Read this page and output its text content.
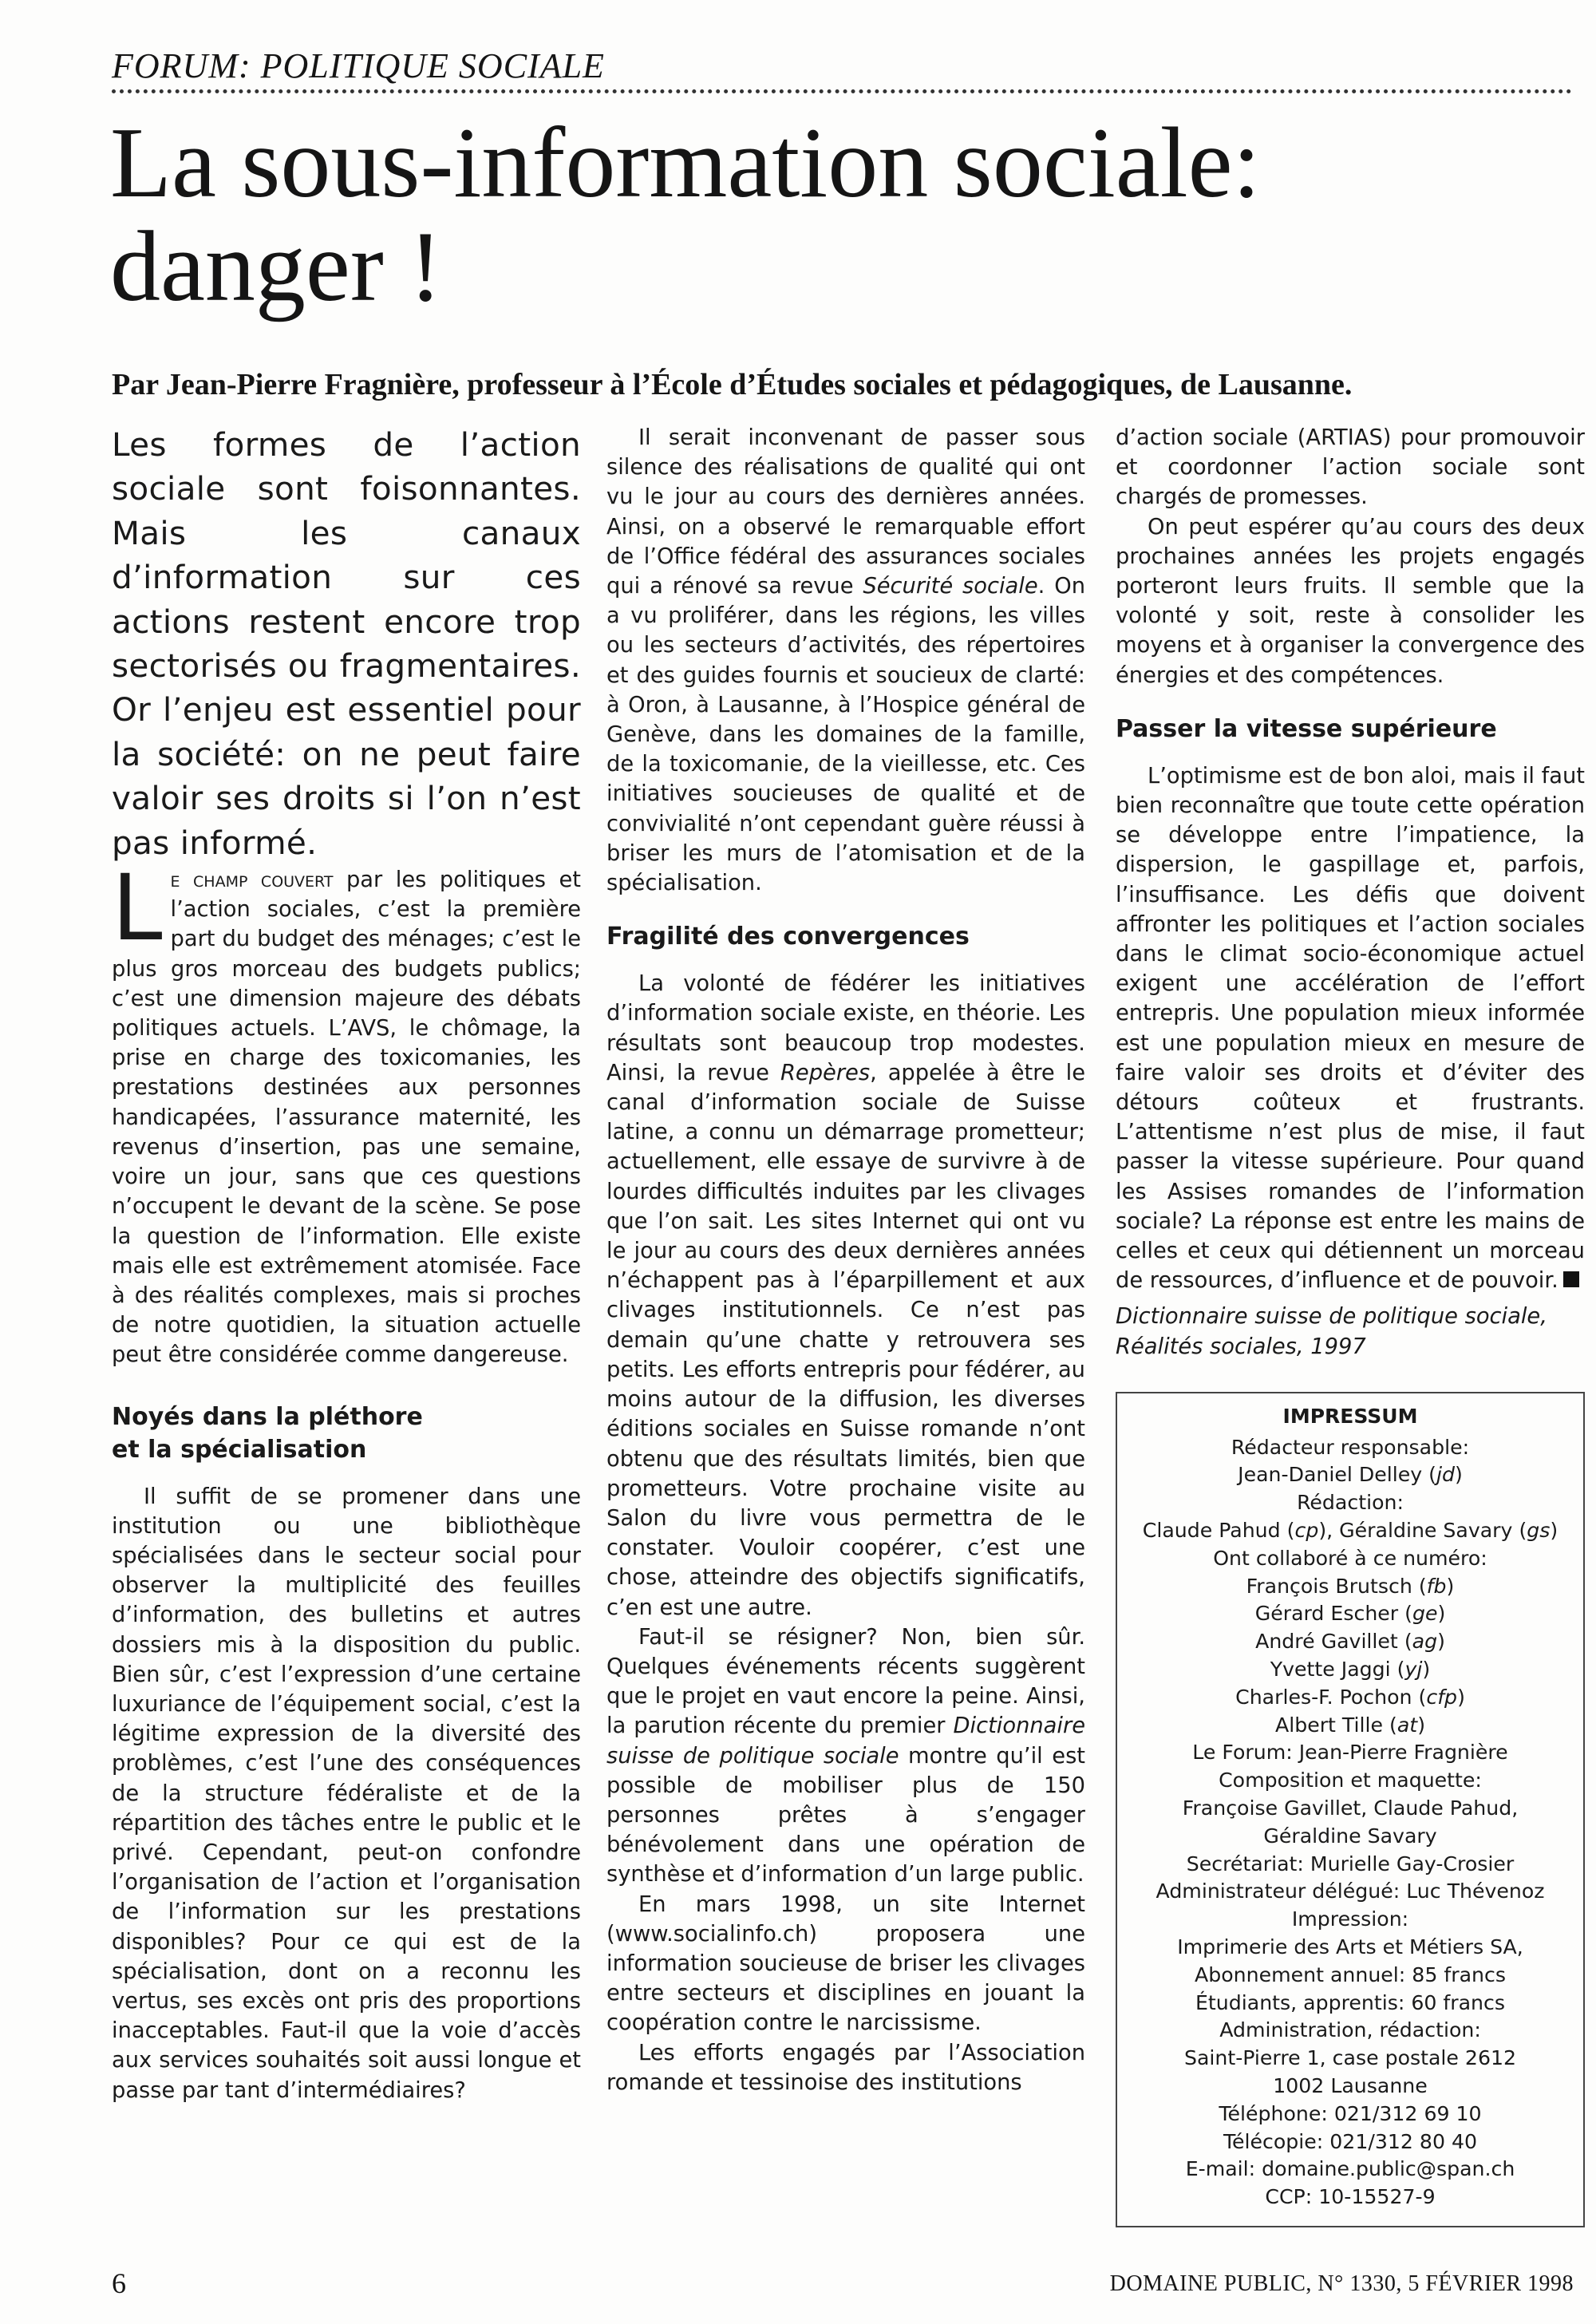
FORUM: POLITIQUE SOCIALE
La sous-information sociale:
danger !
Par Jean-Pierre Fragnière, professeur à l’École d’Études sociales et pédagogiques, de Lausanne.

Les formes de l’action sociale sont foisonnantes. Mais les canaux d’information sur ces actions restent encore trop sectorisés ou fragmentaires. Or l’enjeu est essentiel pour la société: on ne peut faire valoir ses droits si l’on n’est pas informé.

Le champ couvert par les politiques et l’action sociales, c’est la première part du budget des ménages; c’est le plus gros morceau des budgets publics; c’est une dimension majeure des débats politiques actuels. L’AVS, le chômage, la prise en charge des toxicomanies, les prestations destinées aux personnes handicapées, l’assurance maternité, les revenus d’insertion, pas une semaine, voire un jour, sans que ces questions n’occupent le devant de la scène. Se pose la question de l’information. Elle existe mais elle est extrêmement atomisée. Face à des réalités complexes, mais si proches de notre quotidien, la situation actuelle peut être considérée comme dangereuse.

Noyés dans la pléthore
et la spécialisation

Il suffit de se promener dans une institution ou une bibliothèque spécialisées dans le secteur social pour observer la multiplicité des feuilles d’information, des bulletins et autres dossiers mis à la disposition du public. Bien sûr, c’est l’expression d’une certaine luxuriance de l’équipement social, c’est la légitime expression de la diversité des problèmes, c’est l’une des conséquences de la structure fédéraliste et de la répartition des tâches entre le public et le privé. Cependant, peut-on confondre l’organisation de l’action et l’organisation de l’information sur les prestations disponibles? Pour ce qui est de la spécialisation, dont on a reconnu les vertus, ses excès ont pris des proportions inacceptables. Faut-il que la voie d’accès aux services souhaités soit aussi longue et passe par tant d’intermédiaires?

Il serait inconvenant de passer sous silence des réalisations de qualité qui ont vu le jour au cours des dernières années. Ainsi, on a observé le remarquable effort de l’Office fédéral des assurances sociales qui a rénové sa revue Sécurité sociale. On a vu proliférer, dans les régions, les villes ou les secteurs d’activités, des répertoires et des guides fournis et soucieux de clarté: à Oron, à Lausanne, à l’Hospice général de Genève, dans les domaines de la famille, de la toxicomanie, de la vieillesse, etc. Ces initiatives soucieuses de qualité et de convivialité n’ont cependant guère réussi à briser les murs de l’atomisation et de la spécialisation.

Fragilité des convergences

La volonté de fédérer les initiatives d’information sociale existe, en théorie. Les résultats sont beaucoup trop modestes. Ainsi, la revue Repères, appelée à être le canal d’information sociale de Suisse latine, a connu un démarrage prometteur; actuellement, elle essaye de survivre à de lourdes difficultés induites par les clivages que l’on sait. Les sites Internet qui ont vu le jour au cours des deux dernières années n’échappent pas à l’éparpillement et aux clivages institutionnels. Ce n’est pas demain qu’une chatte y retrouvera ses petits. Les efforts entrepris pour fédérer, au moins autour de la diffusion, les diverses éditions sociales en Suisse romande n’ont obtenu que des résultats limités, bien que prometteurs. Votre prochaine visite au Salon du livre vous permettra de le constater. Vouloir coopérer, c’est une chose, atteindre des objectifs significatifs, c’en est une autre.

Faut-il se résigner? Non, bien sûr. Quelques événements récents suggèrent que le projet en vaut encore la peine. Ainsi, la parution récente du premier Dictionnaire suisse de politique sociale montre qu’il est possible de mobiliser plus de 150 personnes prêtes à s’engager bénévolement dans une opération de synthèse et d’information d’un large public.

En mars 1998, un site Internet (www.socialinfo.ch) proposera une information soucieuse de briser les clivages entre secteurs et disciplines en jouant la coopération contre le narcissisme.

Les efforts engagés par l’Association romande et tessinoise des institutions

d’action sociale (ARTIAS) pour promouvoir et coordonner l’action sociale sont chargés de promesses.

On peut espérer qu’au cours des deux prochaines années les projets engagés porteront leurs fruits. Il semble que la volonté y soit, reste à consolider les moyens et à organiser la convergence des énergies et des compétences.

Passer la vitesse supérieure

L’optimisme est de bon aloi, mais il faut bien reconnaître que toute cette opération se développe entre l’impatience, la dispersion, le gaspillage et, parfois, l’insuffisance. Les défis que doivent affronter les politiques et l’action sociales dans le climat socio-économique actuel exigent une accélération de l’effort entrepris. Une population mieux informée est une population mieux en mesure de faire valoir ses droits et d’éviter des détours coûteux et frustrants. L’attentisme n’est plus de mise, il faut passer la vitesse supérieure. Pour quand les Assises romandes de l’information sociale? La réponse est entre les mains de celles et ceux qui détiennent un morceau de ressources, d’influence et de pouvoir.

Dictionnaire suisse de politique sociale,
Réalités sociales, 1997

IMPRESSUM
Rédacteur responsable:
Jean-Daniel Delley (jd)
Rédaction:
Claude Pahud (cp), Géraldine Savary (gs)
Ont collaboré à ce numéro:
François Brutsch (fb)
Gérard Escher (ge)
André Gavillet (ag)
Yvette Jaggi (yj)
Charles-F. Pochon (cfp)
Albert Tille (at)
Le Forum: Jean-Pierre Fragnière
Composition et maquette:
Françoise Gavillet, Claude Pahud,
Géraldine Savary
Secrétariat: Murielle Gay-Crosier
Administrateur délégué: Luc Thévenoz
Impression:
Imprimerie des Arts et Métiers SA,
Abonnement annuel: 85 francs
Étudiants, apprentis: 60 francs
Administration, rédaction:
Saint-Pierre 1, case postale 2612
1002 Lausanne
Téléphone: 021/312 69 10
Télécopie: 021/312 80 40
E-mail: domaine.public@span.ch
CCP: 10-15527-9
6	DOMAINE PUBLIC, N° 1330, 5 FÉVRIER 1998
